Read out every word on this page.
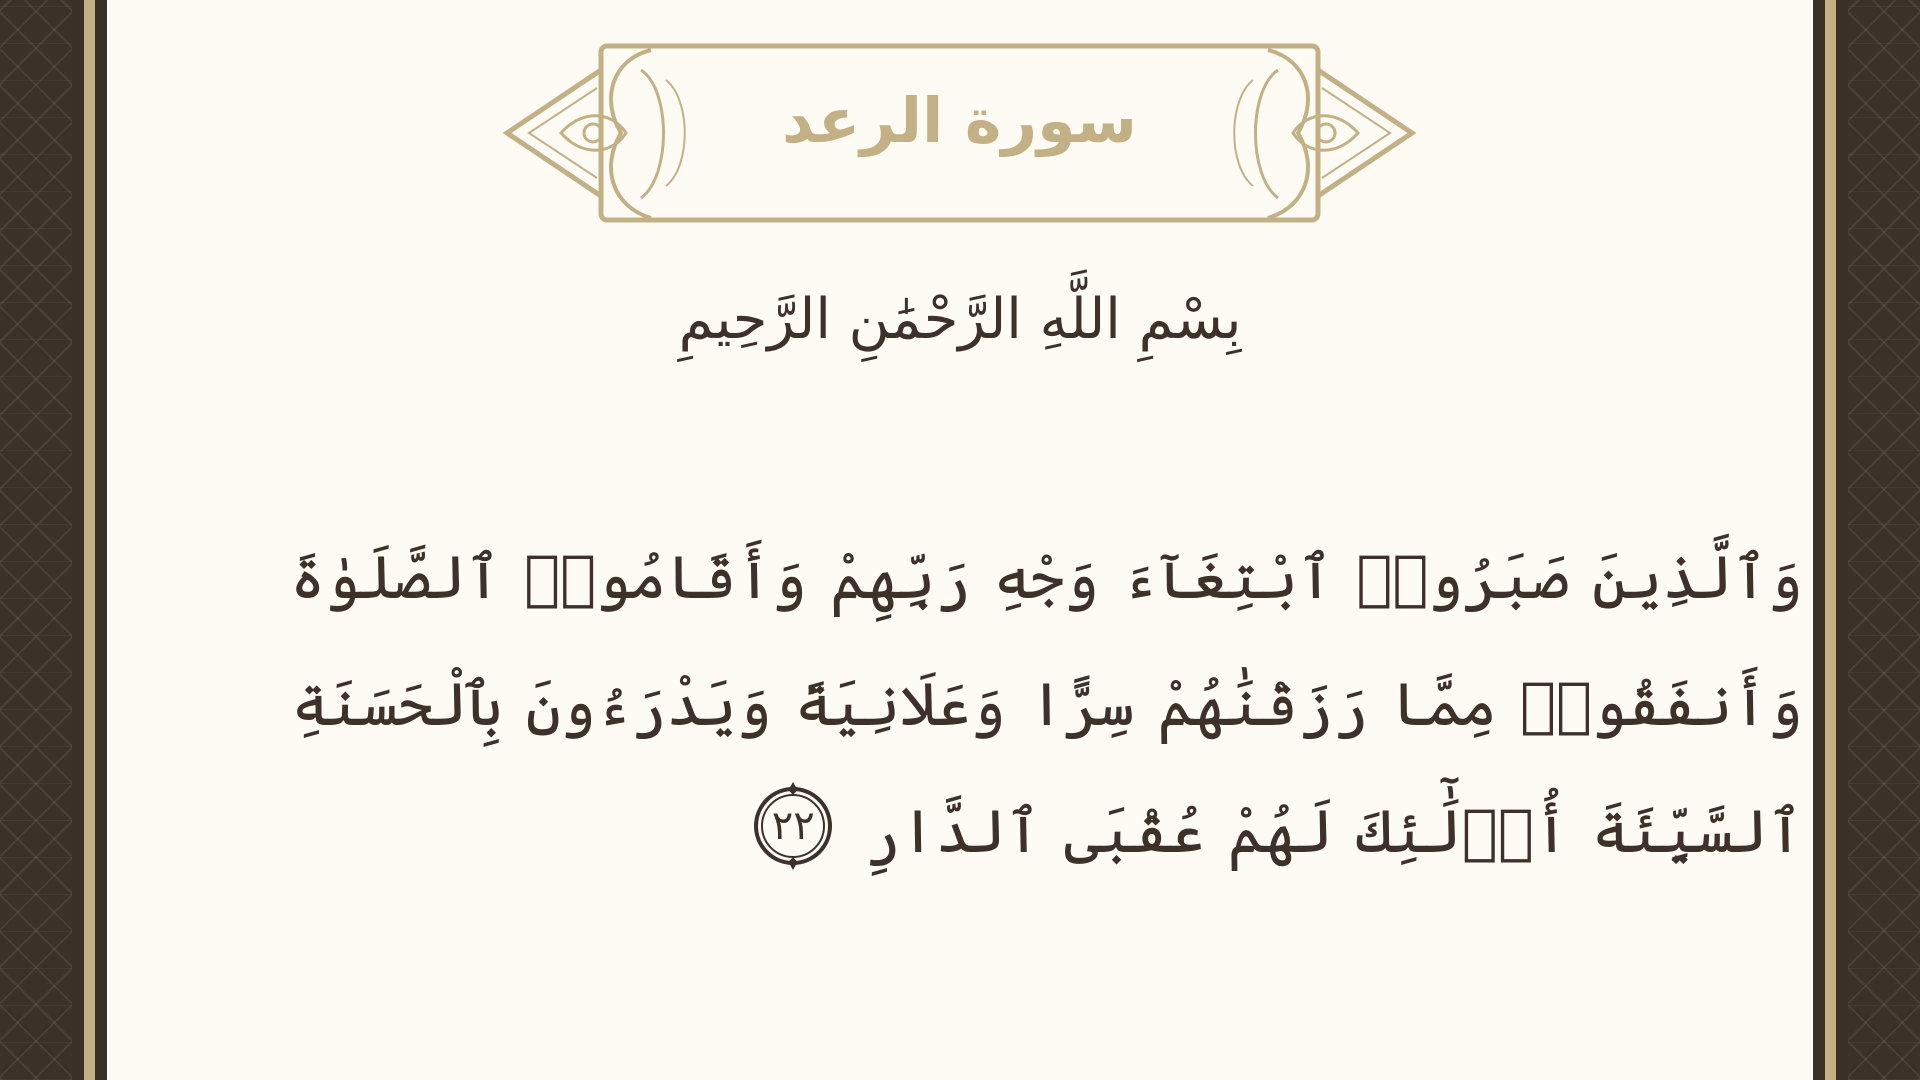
سورة الرعد
بِسْمِ اللَّهِ الرَّحْمَٰنِ الرَّحِيمِ
وَٱلَّذِينَ صَبَرُوا۟ ٱبْتِغَآءَ وَجْهِ رَبِّهِمْ وَأَقَامُوا۟ ٱلصَّلَوٰةَ وَأَنفَقُوا۟ مِمَّا رَزَقْنَٰهُمْ سِرًّا وَعَلَانِيَةً وَيَدْرَءُونَ بِٱلْحَسَنَةِ ٱلسَّيِّئَةَ أُو۟لَٰٓئِكَ لَهُمْ عُقْبَى ٱلدَّارِ
٢٢
